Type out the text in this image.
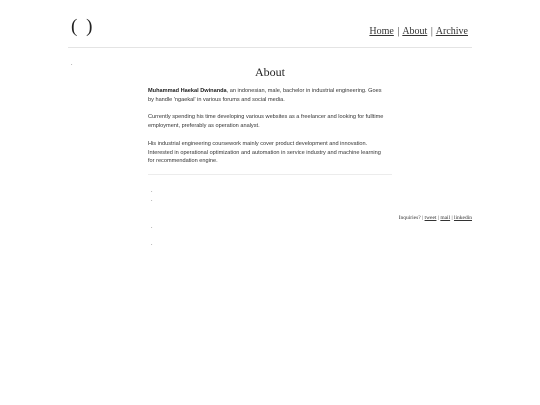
( )	Home | About | Archive
.
About

Muhammad Haekal Dwinanda, an indonesian, male, bachelor in industrial engineering. Goes by handle 'ngaekal' in various forums and social media.

Currently spending his time developing various websites as a freelancer and looking for fulltime employment, preferably as operation analyst.

His industrial engineering coursework mainly cover product development and innovation. Interested in operational optimization and automation in service industry and machine learning for recommendation engine.

.
.
Inquiries? | tweet | mail | linkedin
.
.
